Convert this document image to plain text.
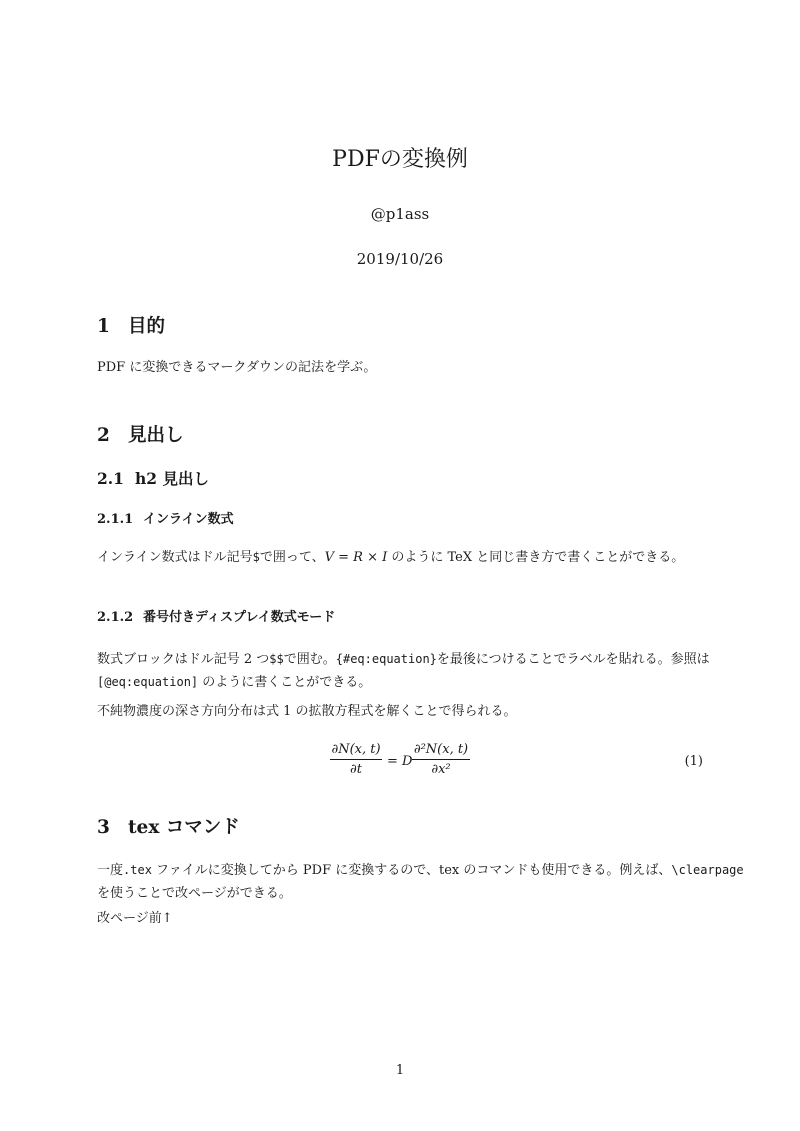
PDFの変換例
@p1ass
2019/10/26
1 目的
PDF に変換できるマークダウンの記法を学ぶ。
2 見出し
2.1 h2 見出し
2.1.1 インライン数式
インライン数式はドル記号$で囲って、V = R × I のように TeX と同じ書き方で書くことができる。
2.1.2 番号付きディスプレイ数式モード
数式ブロックはドル記号 2 つ$$で囲む。{#eq:equation}を最後につけることでラベルを貼れる。参照は
[@eq:equation] のように書くことができる。
不純物濃度の深さ方向分布は式 1 の拡散方程式を解くことで得られる。
∂N(x, t)
∂t
= D
∂²N(x, t)
∂x²
(1)
3 tex コマンド
一度.tex ファイルに変換してから PDF に変換するので、tex のコマンドも使用できる。例えば、\clearpage
を使うことで改ページができる。
改ページ前↑
1
